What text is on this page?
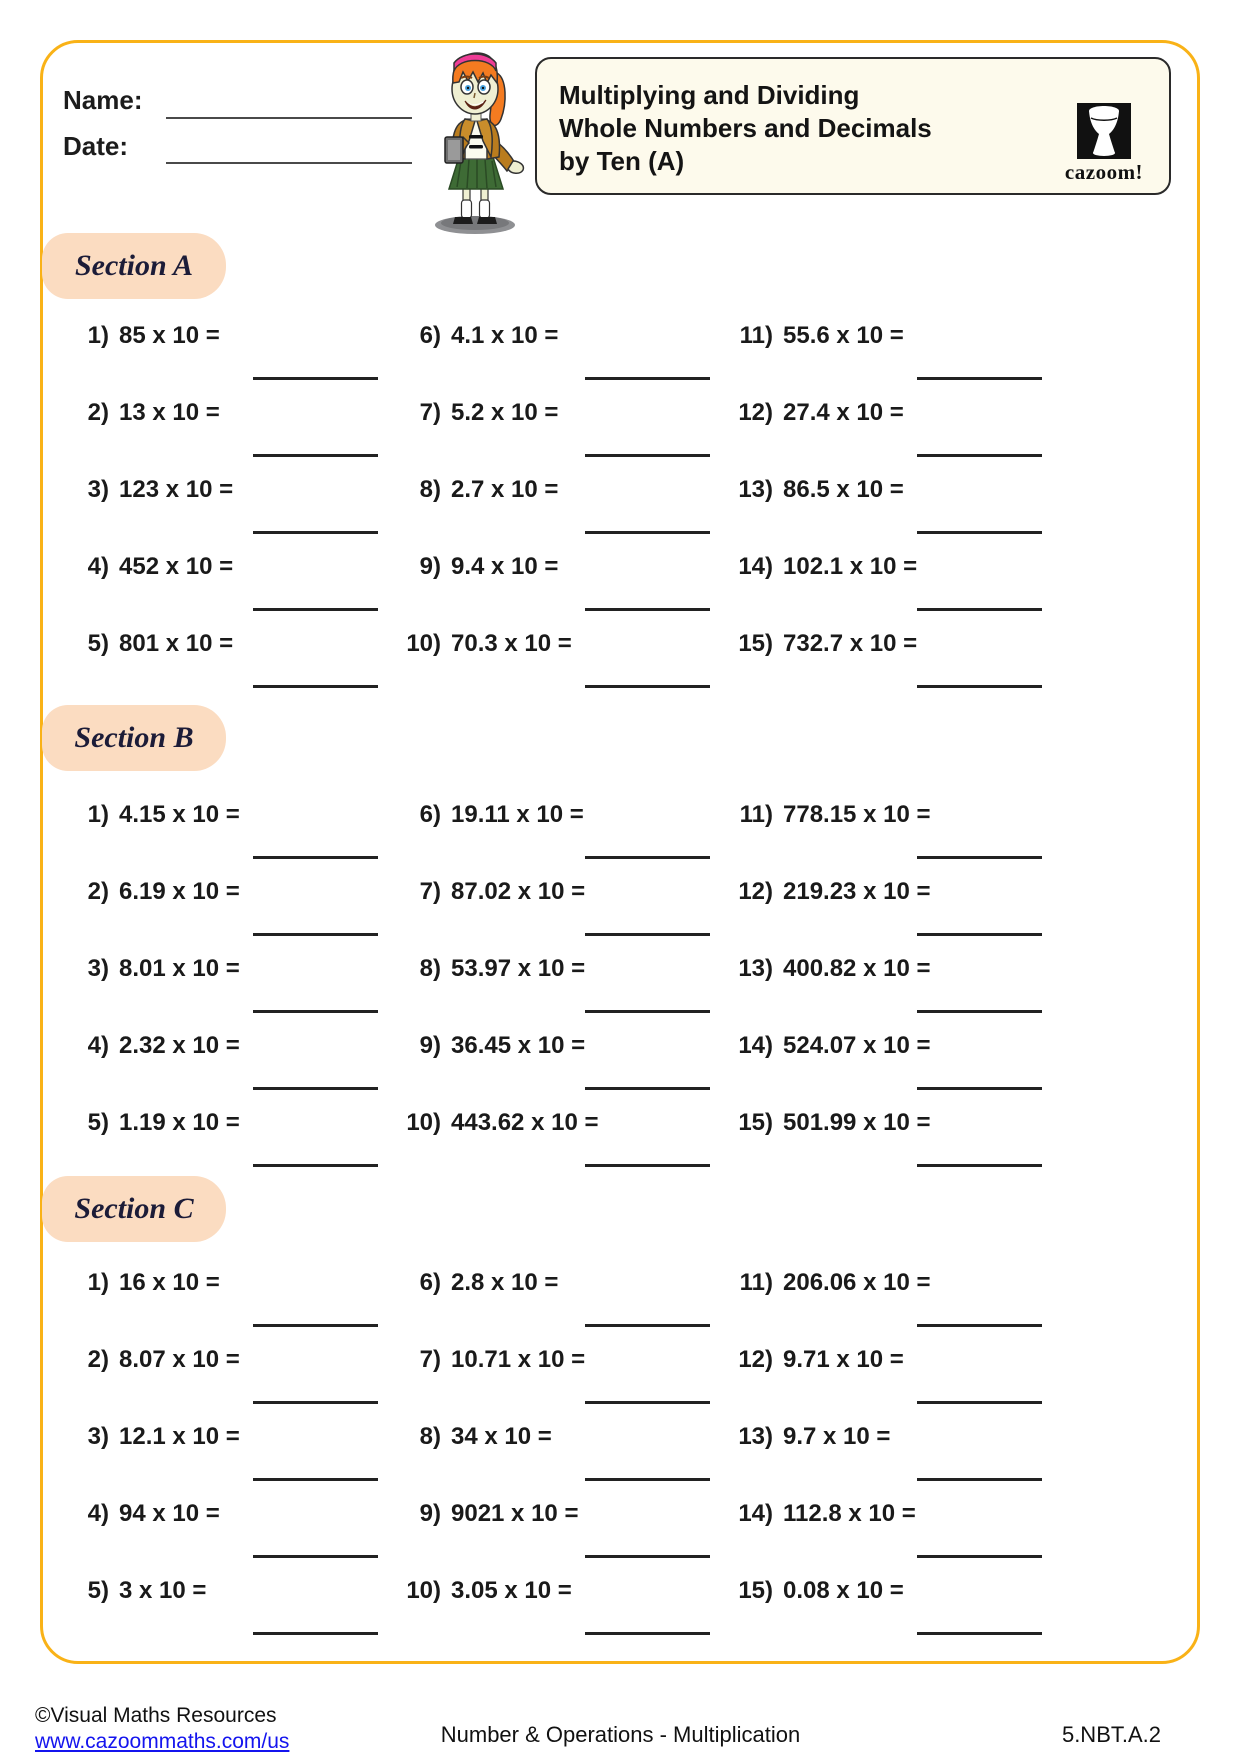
Name:
Date:
Multiplying and Dividing
Whole Numbers and Decimals
by Ten (A)	cazoom!
Section A
1) 85 x 10 =
2) 13 x 10 =
3) 123 x 10 =
4) 452 x 10 =
5) 801 x 10 =
6) 4.1 x 10 =
7) 5.2 x 10 =
8) 2.7 x 10 =
9) 9.4 x 10 =
10) 70.3 x 10 =
11) 55.6 x 10 =
12) 27.4 x 10 =
13) 86.5 x 10 =
14) 102.1 x 10 =
15) 732.7 x 10 =
Section B
1) 4.15 x 10 =
2) 6.19 x 10 =
3) 8.01 x 10 =
4) 2.32 x 10 =
5) 1.19 x 10 =
6) 19.11 x 10 =
7) 87.02 x 10 =
8) 53.97 x 10 =
9) 36.45 x 10 =
10) 443.62 x 10 =
11) 778.15 x 10 =
12) 219.23 x 10 =
13) 400.82 x 10 =
14) 524.07 x 10 =
15) 501.99 x 10 =
Section C
1) 16 x 10 =
2) 8.07 x 10 =
3) 12.1 x 10 =
4) 94 x 10 =
5) 3 x 10 =
6) 2.8 x 10 =
7) 10.71 x 10 =
8) 34 x 10 =
9) 9021 x 10 =
10) 3.05 x 10 =
11) 206.06 x 10 =
12) 9.71 x 10 =
13) 9.7 x 10 =
14) 112.8 x 10 =
15) 0.08 x 10 =
©Visual Maths Resources
www.cazoommaths.com/us	Number & Operations - Multiplication	5.NBT.A.2
